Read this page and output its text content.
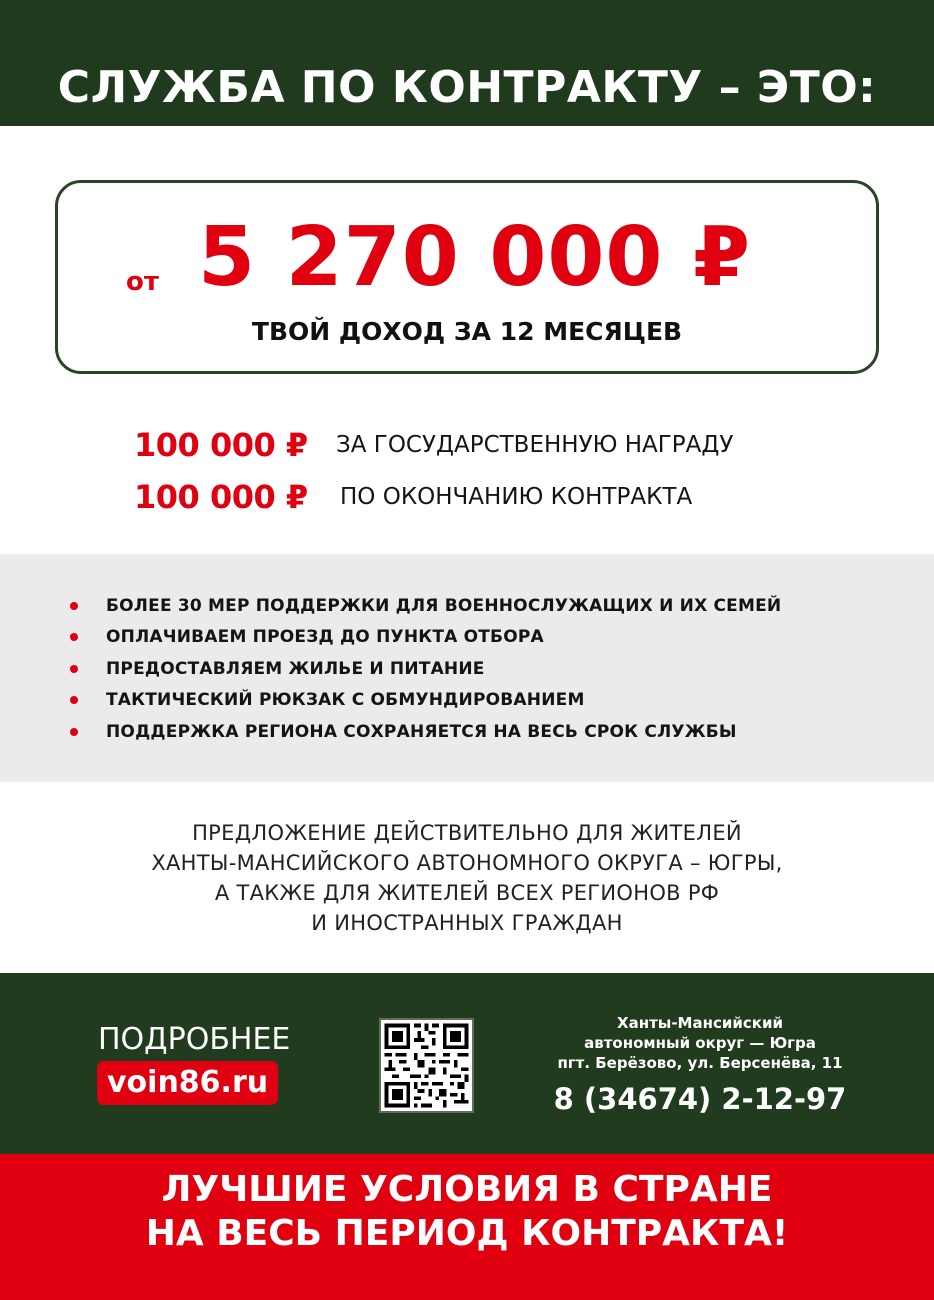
СЛУЖБА ПО КОНТРАКТУ – ЭТО:
от 5 270 000 ₽
ТВОЙ ДОХОД ЗА 12 МЕСЯЦЕВ
100 000 ₽	ЗА ГОСУДАРСТВЕННУЮ НАГРАДУ
100 000 ₽	ПО ОКОНЧАНИЮ КОНТРАКТА
БОЛЕЕ 30 МЕР ПОДДЕРЖКИ ДЛЯ ВОЕННОСЛУЖАЩИХ И ИХ СЕМЕЙ
ОПЛАЧИВАЕМ ПРОЕЗД ДО ПУНКТА ОТБОРА
ПРЕДОСТАВЛЯЕМ ЖИЛЬЕ И ПИТАНИЕ
ТАКТИЧЕСКИЙ РЮКЗАК С ОБМУНДИРОВАНИЕМ
ПОДДЕРЖКА РЕГИОНА СОХРАНЯЕТСЯ НА ВЕСЬ СРОК СЛУЖБЫ
ПРЕДЛОЖЕНИЕ ДЕЙСТВИТЕЛЬНО ДЛЯ ЖИТЕЛЕЙ
ХАНТЫ-МАНСИЙСКОГО АВТОНОМНОГО ОКРУГА – ЮГРЫ,
А ТАКЖЕ ДЛЯ ЖИТЕЛЕЙ ВСЕХ РЕГИОНОВ РФ
И ИНОСТРАННЫХ ГРАЖДАН
ПОДРОБНЕЕ
voin86.ru
Ханты-Мансийский
автономный округ — Югра
пгт. Берёзово, ул. Берсенёва, 11
8 (34674) 2-12-97
ЛУЧШИЕ УСЛОВИЯ В СТРАНЕ
НА ВЕСЬ ПЕРИОД КОНТРАКТА!
